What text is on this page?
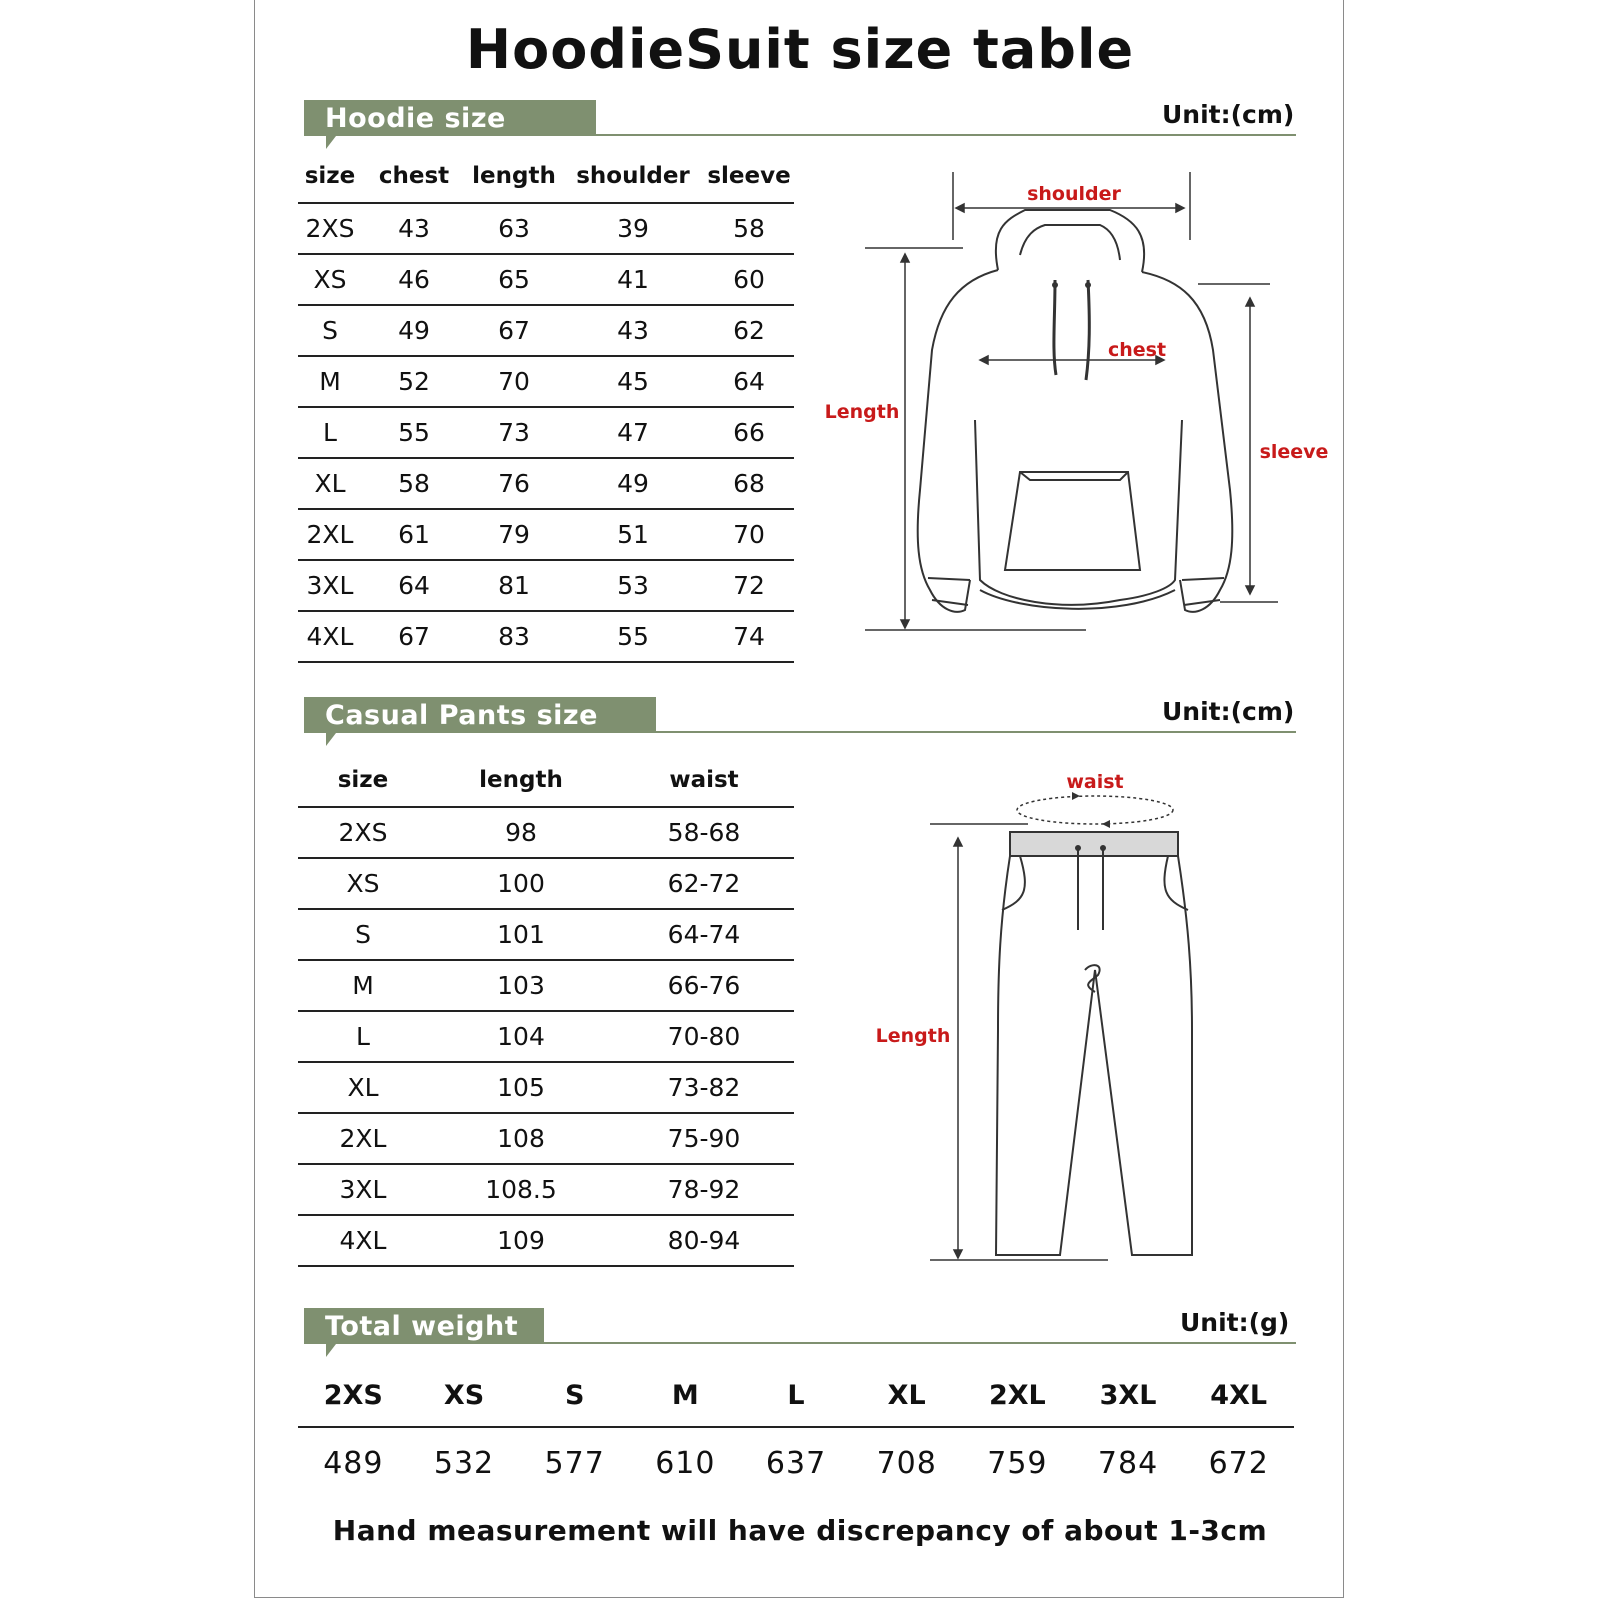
HoodieSuit size table
Hoodie size table
Unit:(cm)
size	chest	length	shoulder	sleeve
2XS	43	63	39	58
XS	46	65	41	60
S	49	67	43	62
M	52	70	45	64
L	55	73	47	66
XL	58	76	49	68
2XL	61	79	51	70
3XL	64	81	53	72
4XL	67	83	55	74
shoulder
chest
Length
sleeve
Casual Pants size table
Unit:(cm)
size	length	waist
2XS	98	58-68
XS	100	62-72
S	101	64-74
M	103	66-76
L	104	70-80
XL	105	73-82
2XL	108	75-90
3XL	108.5	78-92
4XL	109	80-94
waist
Length
Total weight	Unit:(g)
2XS	XS	S	M	L	XL	2XL	3XL	4XL
489	532	577	610	637	708	759	784	672
Hand measurement will have discrepancy of about 1-3cm
